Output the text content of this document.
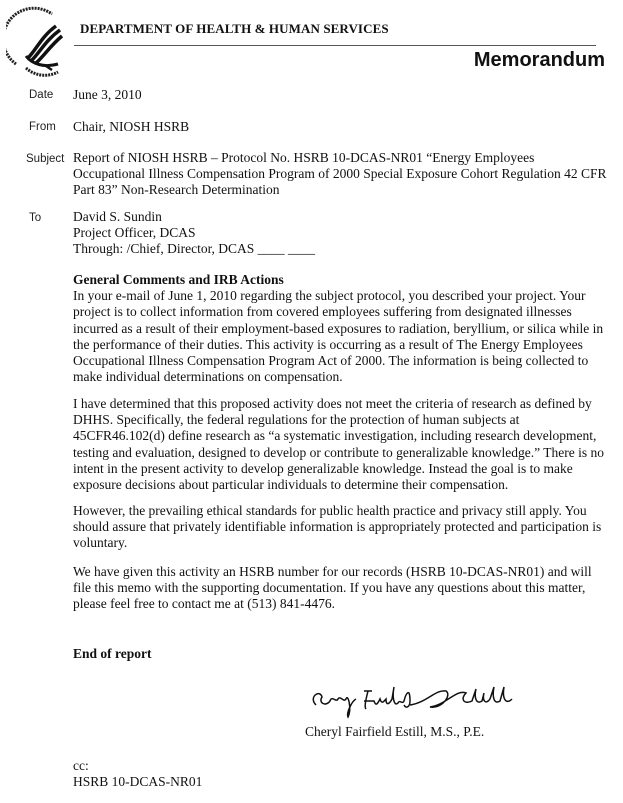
DEPARTMENT OF HEALTH & HUMAN SERVICES
Memorandum
Date June 3, 2010
From Chair, NIOSH HSRB
Subject Report of NIOSH HSRB – Protocol No. HSRB 10-DCAS-NR01 “Energy Employees
Occupational Illness Compensation Program of 2000 Special Exposure Cohort Regulation 42 CFR
Part 83” Non-Research Determination
To David S. Sundin
Project Officer, DCAS
Through: /Chief, Director, DCAS ____ ____
General Comments and IRB Actions
In your e-mail of June 1, 2010 regarding the subject protocol, you described your project. Your
project is to collect information from covered employees suffering from designated illnesses
incurred as a result of their employment-based exposures to radiation, beryllium, or silica while in
the performance of their duties. This activity is occurring as a result of The Energy Employees
Occupational Illness Compensation Program Act of 2000. The information is being collected to
make individual determinations on compensation.
I have determined that this proposed activity does not meet the criteria of research as defined by
DHHS. Specifically, the federal regulations for the protection of human subjects at
45CFR46.102(d) define research as “a systematic investigation, including research development,
testing and evaluation, designed to develop or contribute to generalizable knowledge.” There is no
intent in the present activity to develop generalizable knowledge. Instead the goal is to make
exposure decisions about particular individuals to determine their compensation.
However, the prevailing ethical standards for public health practice and privacy still apply. You
should assure that privately identifiable information is appropriately protected and participation is
voluntary.
We have given this activity an HSRB number for our records (HSRB 10-DCAS-NR01) and will
file this memo with the supporting documentation. If you have any questions about this matter,
please feel free to contact me at (513) 841-4476.
End of report
Cheryl Fairfield Estill, M.S., P.E.
cc:
HSRB 10-DCAS-NR01
